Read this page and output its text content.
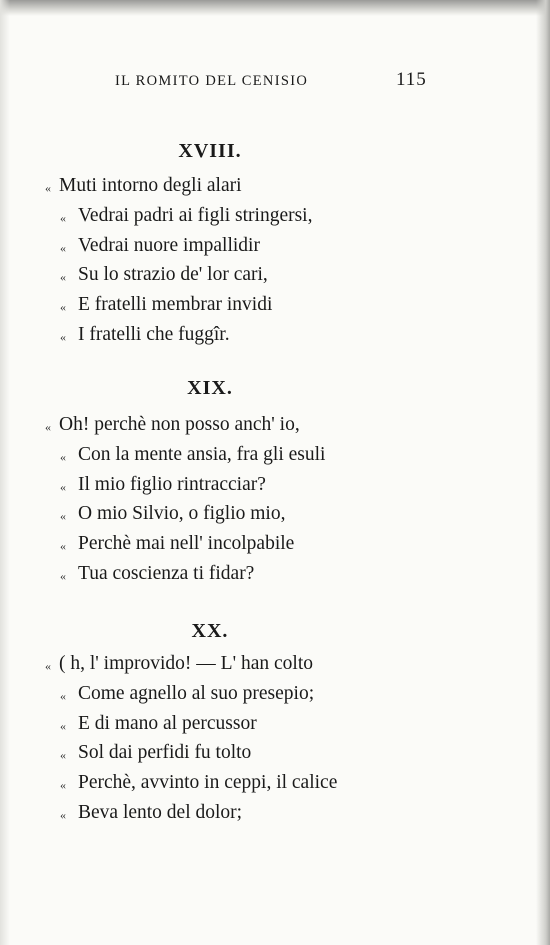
IL ROMITO DEL CENISIO	115
XVIII.
« Muti intorno degli alari
« Vedrai padri ai figli stringersi,
« Vedrai nuore impallidir
« Su lo strazio de' lor cari,
« E fratelli membrar invidi
« I fratelli che fuggîr.
XIX.
« Oh! perchè non posso anch' io,
« Con la mente ansia, fra gli esuli
« Il mio figlio rintracciar?
« O mio Silvio, o figlio mio,
« Perchè mai nell' incolpabile
« Tua coscienza ti fidar?
XX.
« ( h, l' improvido! — L' han colto
« Come agnello al suo presepio;
« E di mano al percussor
« Sol dai perfidi fu tolto
« Perchè, avvinto in ceppi, il calice
« Beva lento del dolor;
